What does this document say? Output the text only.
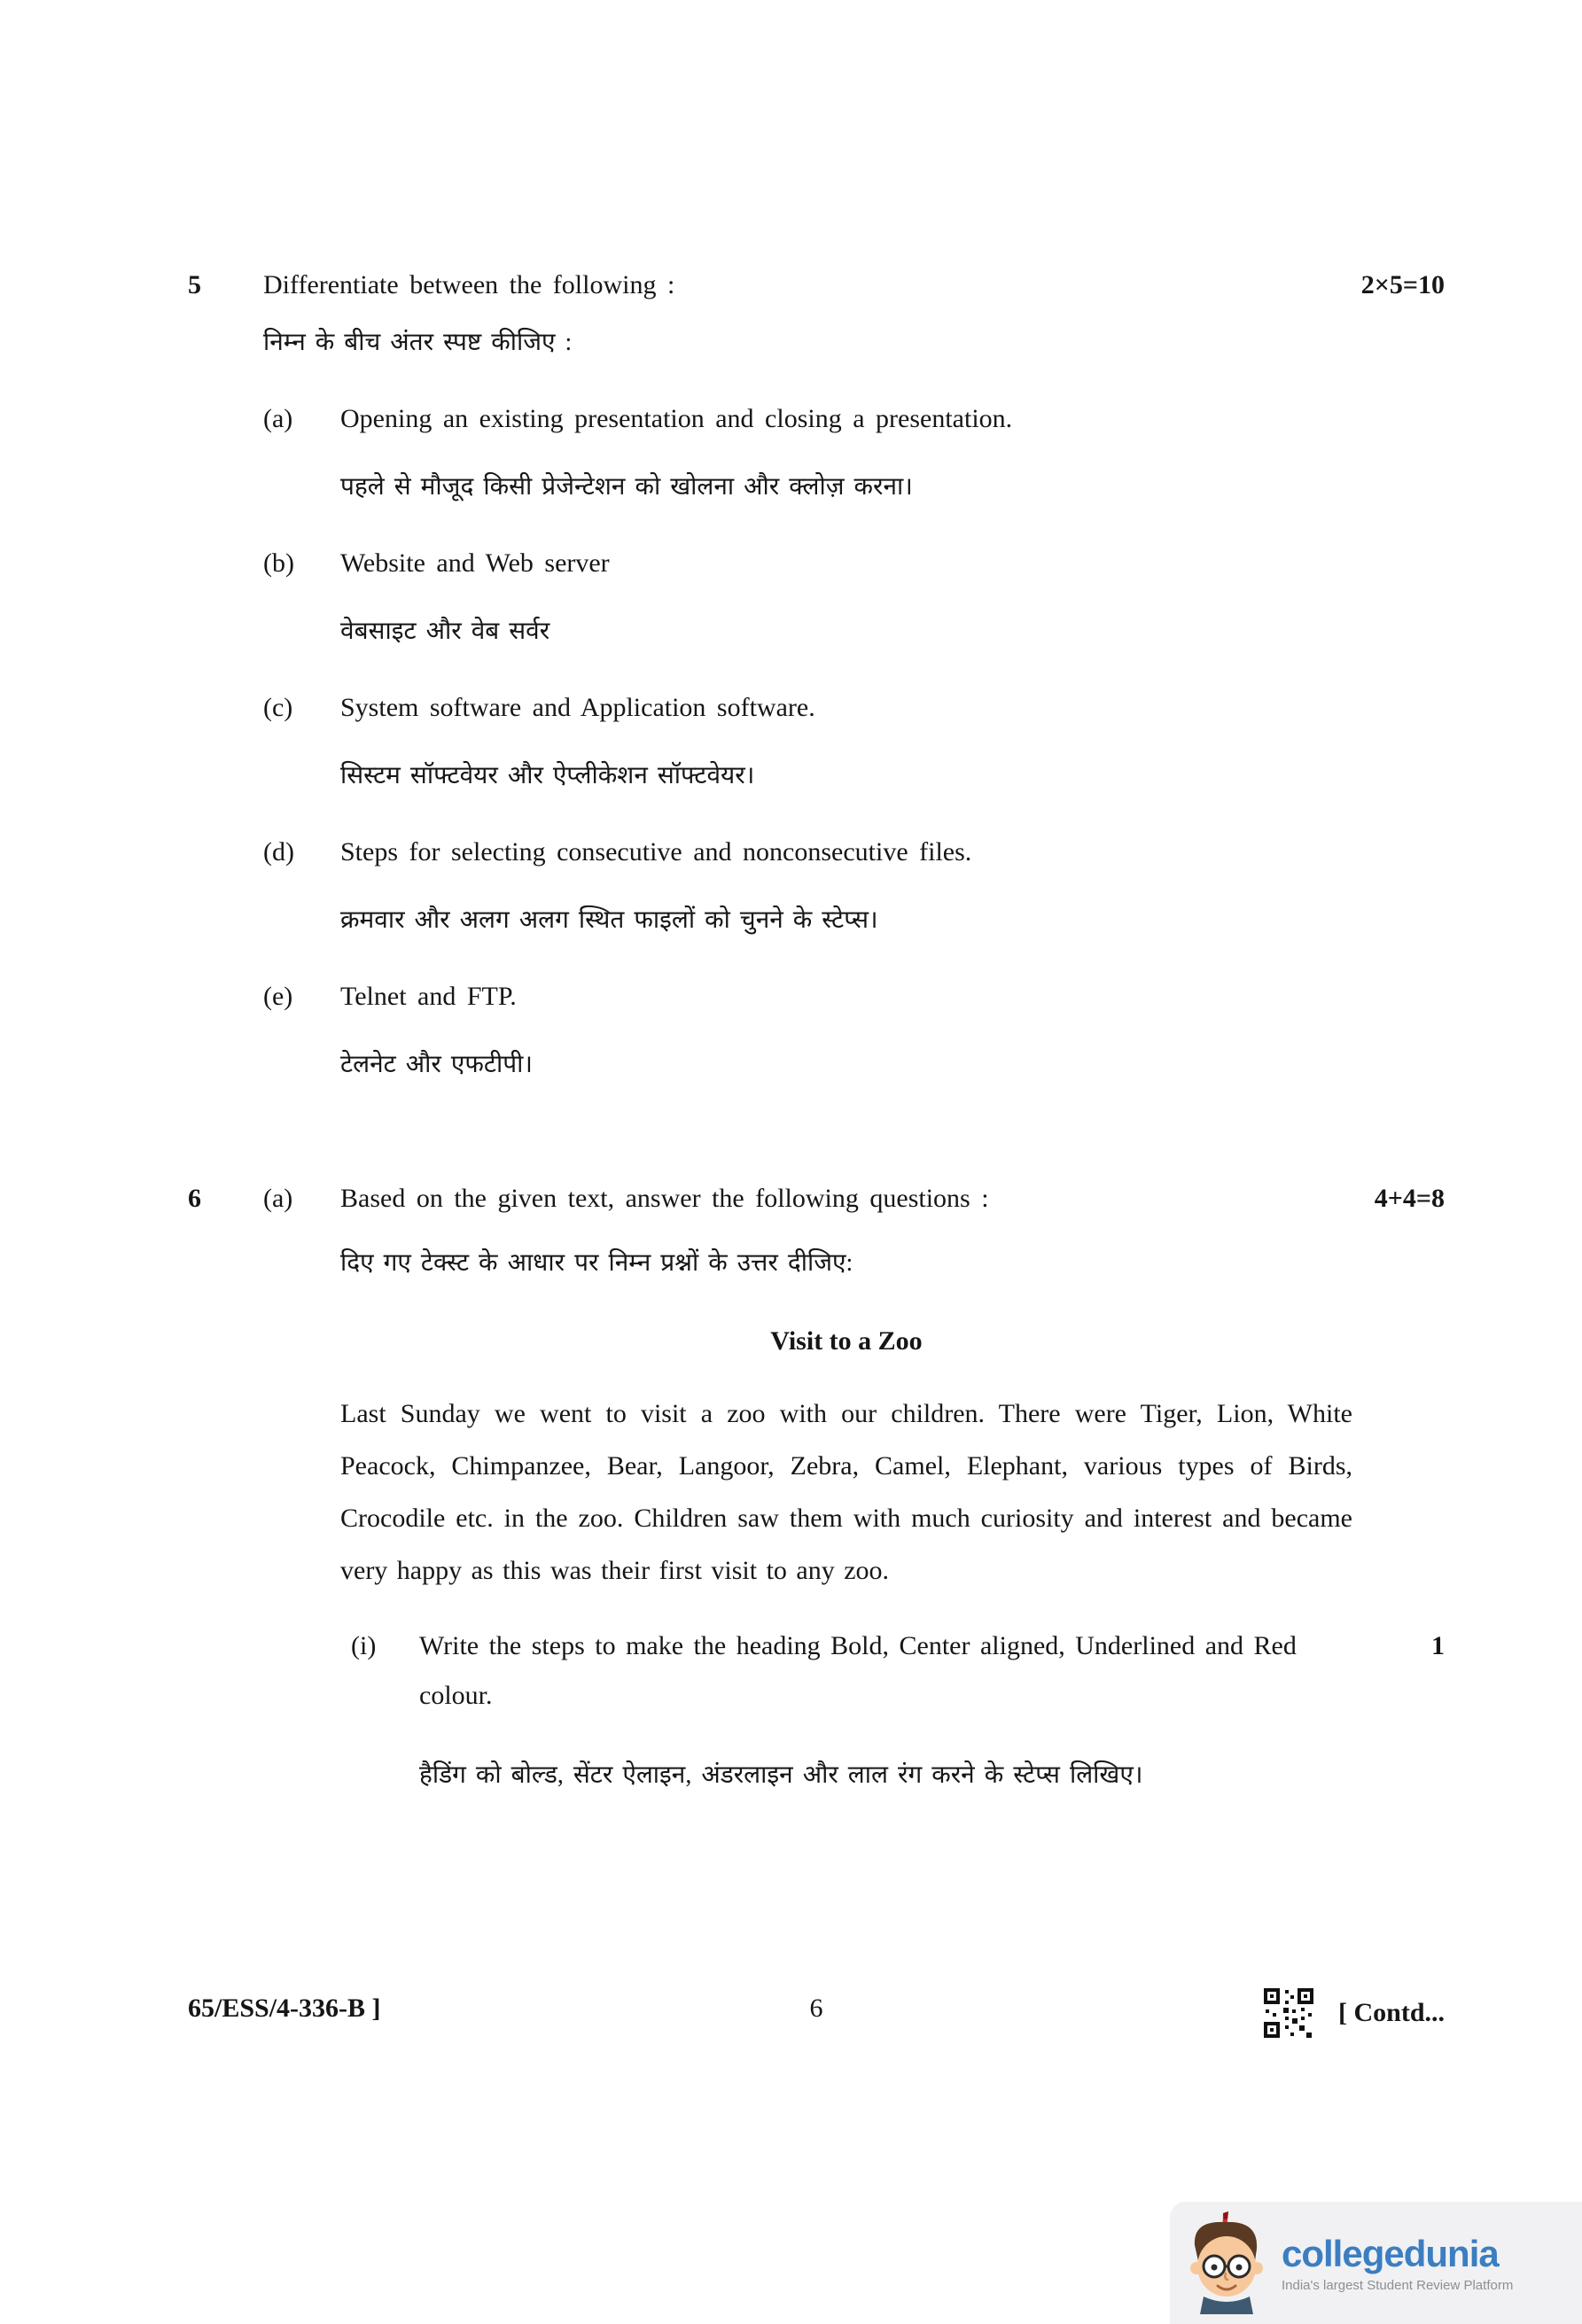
5	Differentiate between the following :	2×5=10
निम्न के बीच अंतर स्पष्ट कीजिए :
(a)	Opening an existing presentation and closing a presentation.
पहले से मौजूद किसी प्रेजेन्टेशन को खोलना और क्लोज़ करना।
(b)	Website and Web server
वेबसाइट और वेब सर्वर
(c)	System software and Application software.
सिस्टम सॉफ्टवेयर और ऐप्लीकेशन सॉफ्टवेयर।
(d)	Steps for selecting consecutive and nonconsecutive files.
क्रमवार और अलग अलग स्थित फाइलों को चुनने के स्टेप्स।
(e)	Telnet and FTP.
टेलनेट और एफटीपी।
6	(a)	Based on the given text, answer the following questions :	4+4=8
दिए गए टेक्स्ट के आधार पर निम्न प्रश्नों के उत्तर दीजिए:
Visit to a Zoo
Last Sunday we went to visit a zoo with our children. There were Tiger, Lion, White Peacock, Chimpanzee, Bear, Langoor, Zebra, Camel, Elephant, various types of Birds, Crocodile etc. in the zoo. Children saw them with much curiosity and interest and became very happy as this was their first visit to any zoo.
(i)	Write the steps to make the heading Bold, Center aligned, Underlined and Red colour.
1
हैडिंग को बोल्ड, सेंटर ऐलाइन, अंडरलाइन और लाल रंग करने के स्टेप्स लिखिए।
65/ESS/4-336-B ]	6	[ Contd...
collegedunia
India's largest Student Review Platform
